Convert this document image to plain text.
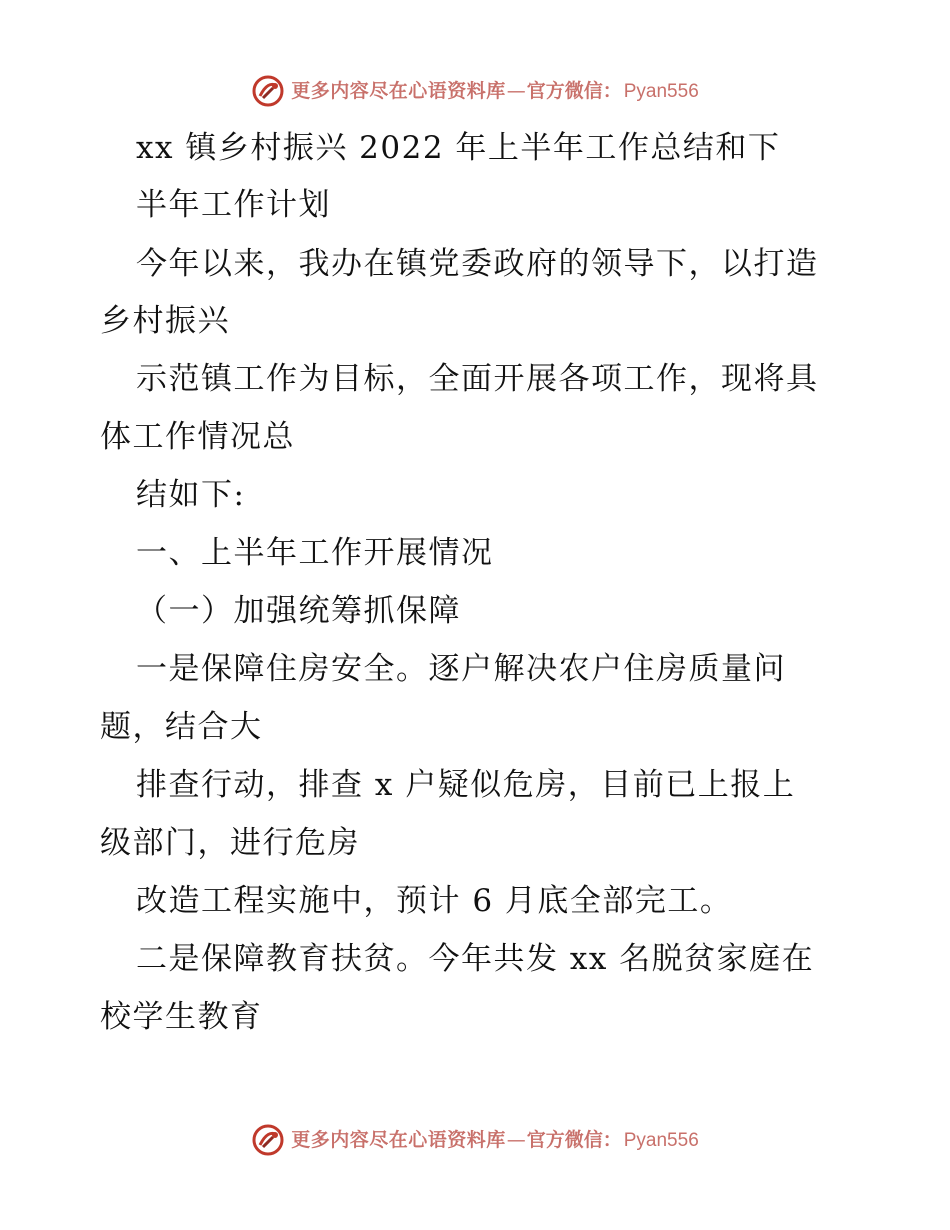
更多内容尽在心语资料库 — 官方微信： Pyan556
xx 镇乡村振兴 2022 年上半年工作总结和下
半年工作计划
今年以来，我办在镇党委政府的领导下，以打造
乡村振兴
示范镇工作为目标，全面开展各项工作，现将具
体工作情况总
结如下:
一、上半年工作开展情况
（一）加强统筹抓保障
一是保障住房安全。逐户解决农户住房质量问
题，结合大
排查行动，排查 x 户疑似危房，目前已上报上
级部门，进行危房
改造工程实施中，预计 6 月底全部完工。
二是保障教育扶贫。今年共发 xx 名脱贫家庭在
校学生教育
更多内容尽在心语资料库 — 官方微信： Pyan556
